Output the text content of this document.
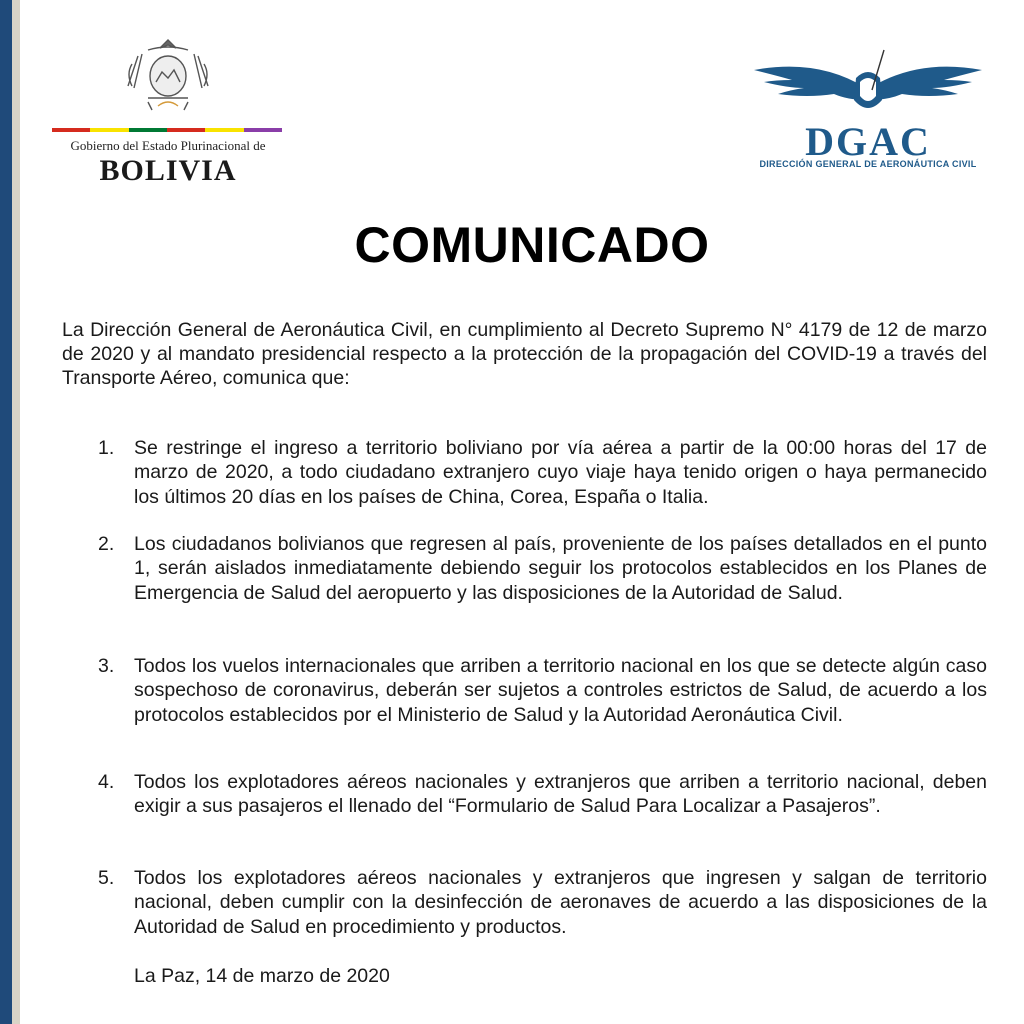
Gobierno del Estado Plurinacional de
BOLIVIA
DGAC
DIRECCIÓN GENERAL DE AERONÁUTICA CIVIL
COMUNICADO
La Dirección General de Aeronáutica Civil, en cumplimiento al Decreto Supremo N° 4179 de 12 de marzo de 2020 y al mandato presidencial respecto a la protección de la propagación del COVID-19 a través del Transporte Aéreo, comunica que:
1. Se restringe el ingreso a territorio boliviano por vía aérea a partir de la 00:00 horas del 17 de marzo de 2020, a todo ciudadano extranjero cuyo viaje haya tenido origen o haya permanecido los últimos 20 días en los países de China, Corea, España o Italia.
2. Los ciudadanos bolivianos que regresen al país, proveniente de los países detallados en el punto 1, serán aislados inmediatamente debiendo seguir los protocolos establecidos en los Planes de Emergencia de Salud del aeropuerto y las disposiciones de la Autoridad de Salud.
3. Todos los vuelos internacionales que arriben a territorio nacional en los que se detecte algún caso sospechoso de coronavirus, deberán ser sujetos a controles estrictos de Salud, de acuerdo a los protocolos establecidos por el Ministerio de Salud y la Autoridad Aeronáutica Civil.
4. Todos los explotadores aéreos nacionales y extranjeros que arriben a territorio nacional, deben exigir a sus pasajeros el llenado del “Formulario de Salud Para Localizar a Pasajeros”.
5. Todos los explotadores aéreos nacionales y extranjeros que ingresen y salgan de territorio nacional, deben cumplir con la desinfección de aeronaves de acuerdo a las disposiciones de la Autoridad de Salud en procedimiento y productos.
La Paz, 14 de marzo de 2020
